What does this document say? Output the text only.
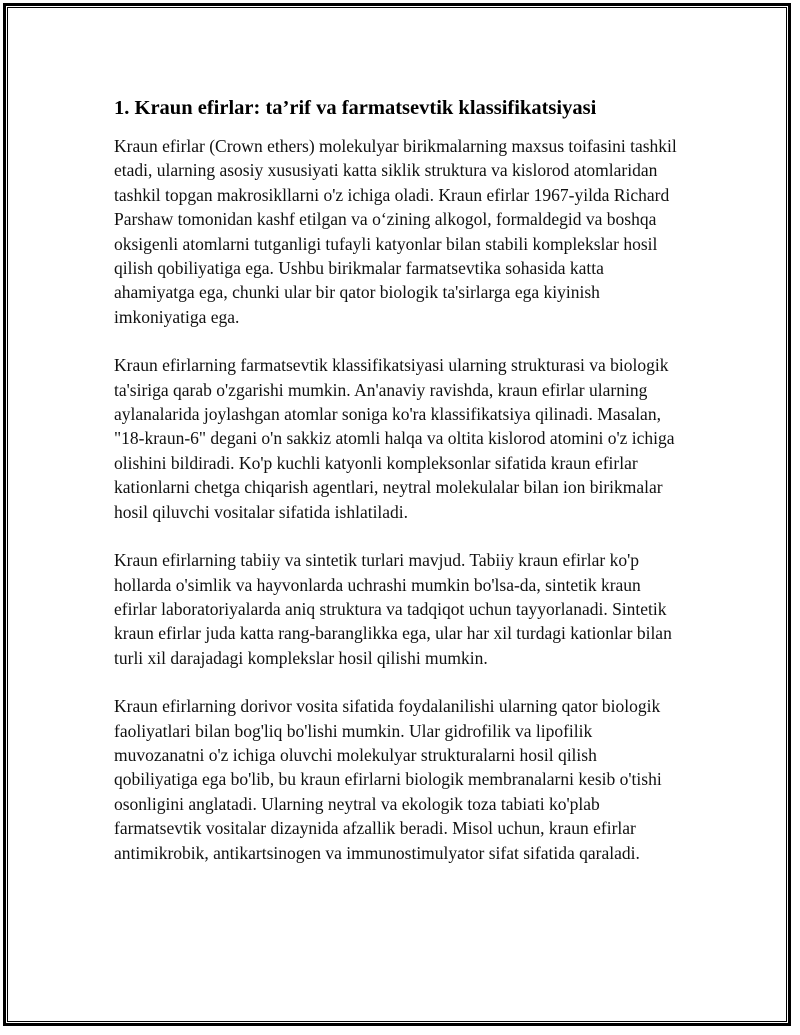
1. Kraun efirlar: ta’rif va farmatsevtik klassifikatsiyasi

Kraun efirlar (Crown ethers) molekulyar birikmalarning maxsus toifasini tashkil etadi, ularning asosiy xususiyati katta siklik struktura va kislorod atomlaridan tashkil topgan makrosikllarni o'z ichiga oladi. Kraun efirlar 1967-yilda Richard Parshaw tomonidan kashf etilgan va o‘zining alkogol, formaldegid va boshqa oksigenli atomlarni tutganligi tufayli katyonlar bilan stabili komplekslar hosil qilish qobiliyatiga ega. Ushbu birikmalar farmatsevtika sohasida katta ahamiyatga ega, chunki ular bir qator biologik ta'sirlarga ega kiyinish imkoniyatiga ega.

Kraun efirlarning farmatsevtik klassifikatsiyasi ularning strukturasi va biologik ta'siriga qarab o'zgarishi mumkin. An'anaviy ravishda, kraun efirlar ularning aylanalarida joylashgan atomlar soniga ko'ra klassifikatsiya qilinadi. Masalan, "18-kraun-6" degani o'n sakkiz atomli halqa va oltita kislorod atomini o'z ichiga olishini bildiradi. Ko'p kuchli katyonli kompleksonlar sifatida kraun efirlar kationlarni chetga chiqarish agentlari, neytral molekulalar bilan ion birikmalar hosil qiluvchi vositalar sifatida ishlatiladi.

Kraun efirlarning tabiiy va sintetik turlari mavjud. Tabiiy kraun efirlar ko'p hollarda o'simlik va hayvonlarda uchrashi mumkin bo'lsa-da, sintetik kraun efirlar laboratoriyalarda aniq struktura va tadqiqot uchun tayyorlanadi. Sintetik kraun efirlar juda katta rang-baranglikka ega, ular har xil turdagi kationlar bilan turli xil darajadagi komplekslar hosil qilishi mumkin.

Kraun efirlarning dorivor vosita sifatida foydalanilishi ularning qator biologik faoliyatlari bilan bog'liq bo'lishi mumkin. Ular gidrofilik va lipofilik muvozanatni o'z ichiga oluvchi molekulyar strukturalarni hosil qilish qobiliyatiga ega bo'lib, bu kraun efirlarni biologik membranalarni kesib o'tishi osonligini anglatadi. Ularning neytral va ekologik toza tabiati ko'plab farmatsevtik vositalar dizaynida afzallik beradi. Misol uchun, kraun efirlar antimikrobik, antikartsinogen va immunostimulyator sifat sifatida qaraladi.
